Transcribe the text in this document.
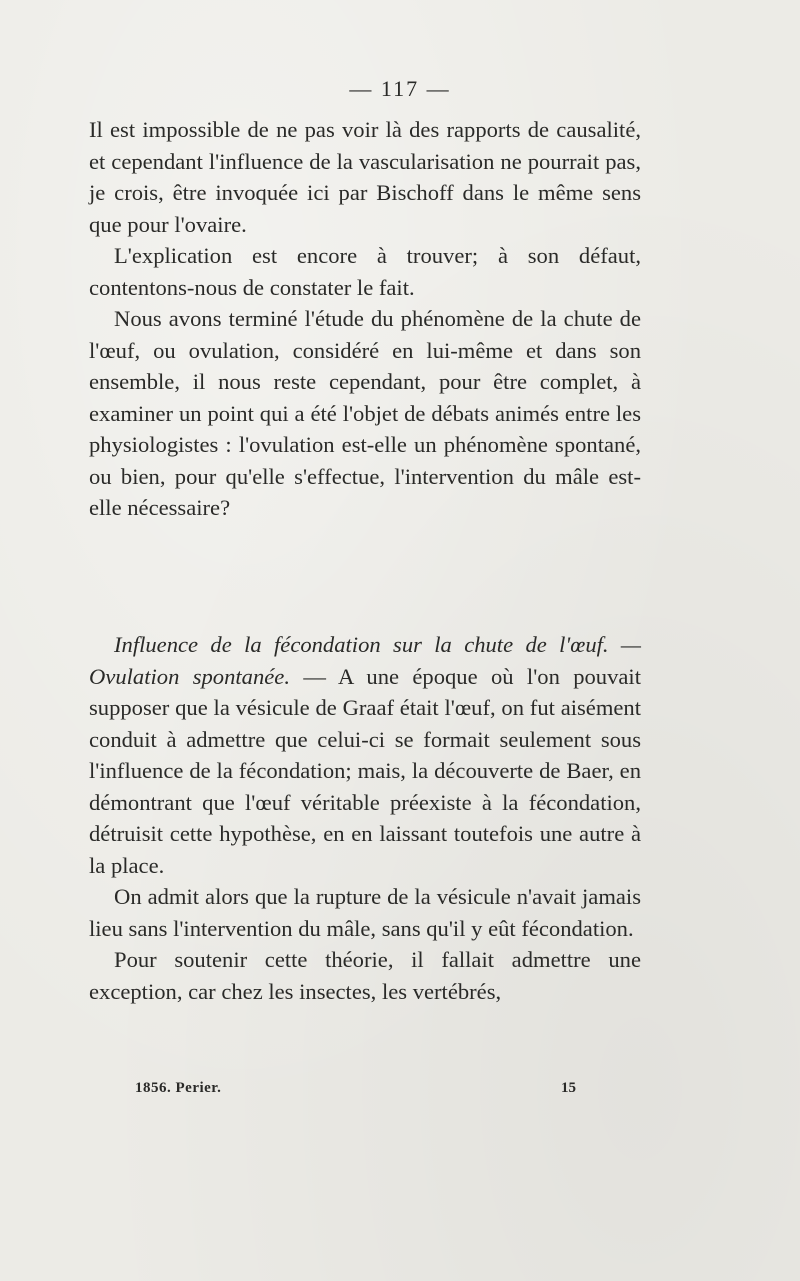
— 117 —

Il est impossible de ne pas voir là des rapports de causalité, et cependant l'influence de la vascularisation ne pourrait pas, je crois, être invoquée ici par Bischoff dans le même sens que pour l'ovaire.

L'explication est encore à trouver; à son défaut, contentons-nous de constater le fait.

Nous avons terminé l'étude du phénomène de la chute de l'œuf, ou ovulation, considéré en lui-même et dans son ensemble, il nous reste cependant, pour être complet, à examiner un point qui a été l'objet de débats animés entre les physiologistes : l'ovulation est-elle un phénomène spontané, ou bien, pour qu'elle s'effectue, l'intervention du mâle est-elle nécessaire?

Influence de la fécondation sur la chute de l'œuf. — Ovulation spontanée. — A une époque où l'on pouvait supposer que la vésicule de Graaf était l'œuf, on fut aisément conduit à admettre que celui-ci se formait seulement sous l'influence de la fécondation; mais, la découverte de Baer, en démontrant que l'œuf véritable préexiste à la fécondation, détruisit cette hypothèse, en en laissant toutefois une autre à la place.

On admit alors que la rupture de la vésicule n'avait jamais lieu sans l'intervention du mâle, sans qu'il y eût fécondation.

Pour soutenir cette théorie, il fallait admettre une exception, car chez les insectes, les vertébrés,

1856. Perier.	15
